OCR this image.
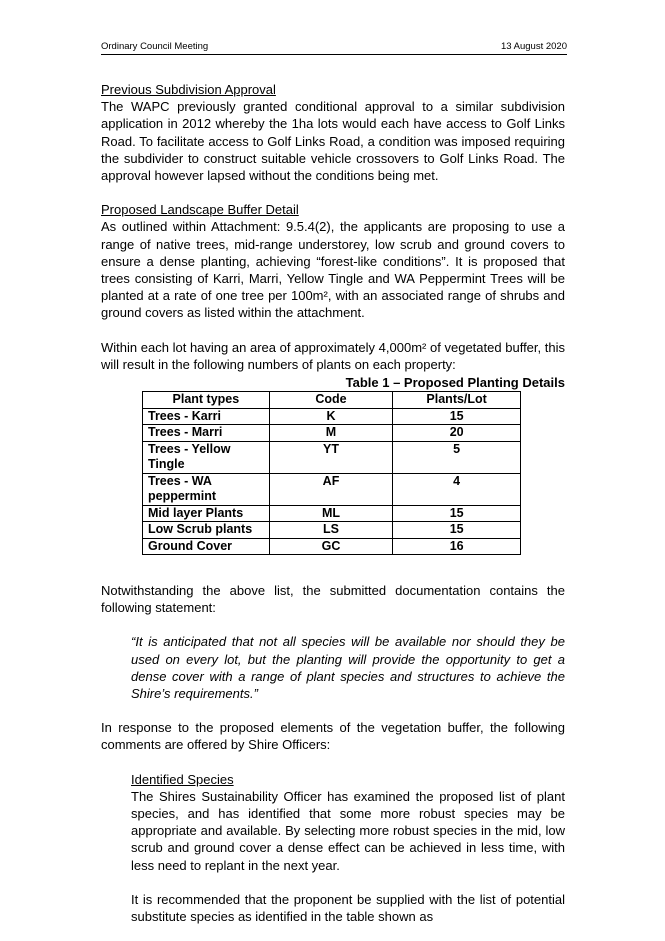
Ordinary Council Meeting	13 August 2020
Previous Subdivision Approval

The WAPC previously granted conditional approval to a similar subdivision application in 2012 whereby the 1ha lots would each have access to Golf Links Road. To facilitate access to Golf Links Road, a condition was imposed requiring the subdivider to construct suitable vehicle crossovers to Golf Links Road. The approval however lapsed without the conditions being met.

Proposed Landscape Buffer Detail

As outlined within Attachment: 9.5.4(2), the applicants are proposing to use a range of native trees, mid-range understorey, low scrub and ground covers to ensure a dense planting, achieving “forest-like conditions”. It is proposed that trees consisting of Karri, Marri, Yellow Tingle and WA Peppermint Trees will be planted at a rate of one tree per 100m², with an associated range of shrubs and ground covers as listed within the attachment.

Within each lot having an area of approximately 4,000m² of vegetated buffer, this will result in the following numbers of plants on each property:

Table 1 – Proposed Planting Details
Plant types	Code	Plants/Lot
Trees - Karri	K	15
Trees - Marri	M	20
Trees - Yellow Tingle	YT	5
Trees - WA peppermint	AF	4
Mid layer Plants	ML	15
Low Scrub plants	LS	15
Ground Cover	GC	16

Notwithstanding the above list, the submitted documentation contains the following statement:

“It is anticipated that not all species will be available nor should they be used on every lot, but the planting will provide the opportunity to get a dense cover with a range of plant species and structures to achieve the Shire’s requirements.”

In response to the proposed elements of the vegetation buffer, the following comments are offered by Shire Officers:

Identified Species

The Shires Sustainability Officer has examined the proposed list of plant species, and has identified that some more robust species may be appropriate and available. By selecting more robust species in the mid, low scrub and ground cover a dense effect can be achieved in less time, with less need to replant in the next year.

It is recommended that the proponent be supplied with the list of potential substitute species as identified in the table shown as
